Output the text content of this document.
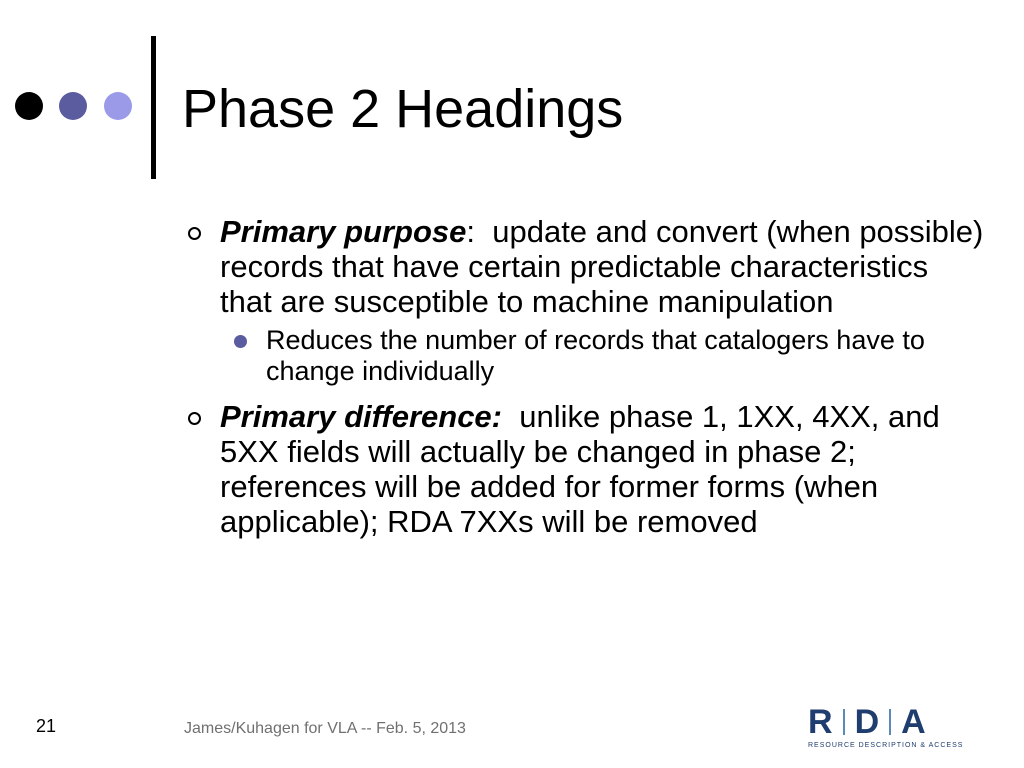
Phase 2 Headings
Primary purpose: update and convert (when possible) records that have certain predictable characteristics that are susceptible to machine manipulation
Reduces the number of records that catalogers have to change individually
Primary difference: unlike phase 1, 1XX, 4XX, and 5XX fields will actually be changed in phase 2; references will be added for former forms (when applicable); RDA 7XXs will be removed
21	James/Kuhagen for VLA -- Feb. 5, 2013	R D A
RESOURCE DESCRIPTION & ACCESS
